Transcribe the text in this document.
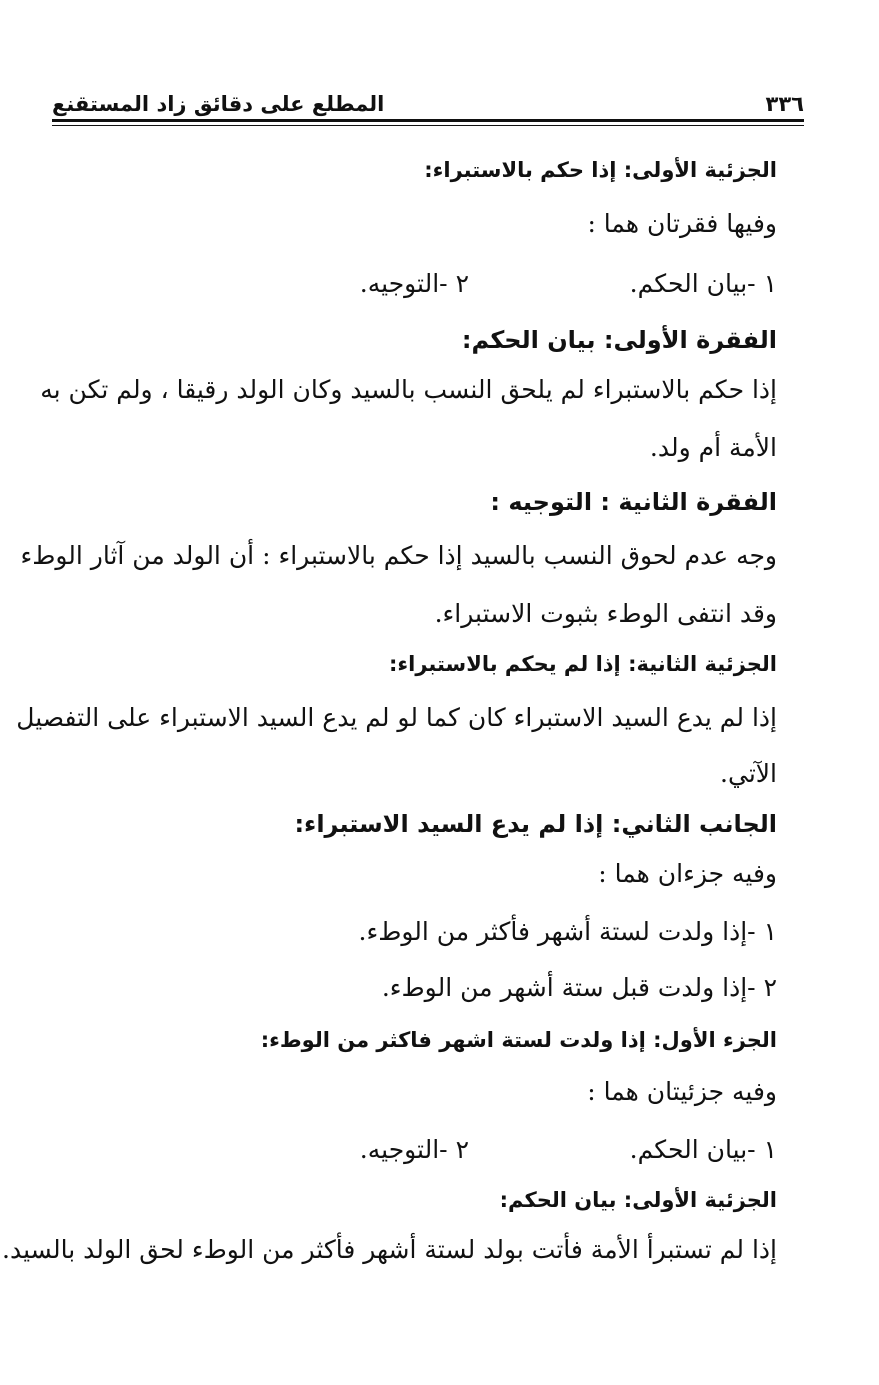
٣٣٦
المطلع على دقائق زاد المستقنع
الجزئية الأولى: إذا حكم بالاستبراء:
وفيها فقرتان هما :
١ -بيان الحكم.
٢ -التوجيه.
الفقرة الأولى: بيان الحكم:
إذا حكم بالاستبراء لم يلحق النسب بالسيد وكان الولد رقيقا ، ولم تكن به
الأمة أم ولد.
الفقرة الثانية : التوجيه :
وجه عدم لحوق النسب بالسيد إذا حكم بالاستبراء : أن الولد من آثار الوطء
وقد انتفى الوطء بثبوت الاستبراء.
الجزئية الثانية: إذا لم يحكم بالاستبراء:
إذا لم يدع السيد الاستبراء كان كما لو لم يدع السيد الاستبراء على التفصيل
الآتي.
الجانب الثاني: إذا لم يدع السيد الاستبراء:
وفيه جزءان هما :
١ -إذا ولدت لستة أشهر فأكثر من الوطء.
٢ -إذا ولدت قبل ستة أشهر من الوطء.
الجزء الأول: إذا ولدت لستة اشهر فاكثر من الوطء:
وفيه جزئيتان هما :
١ -بيان الحكم.
٢ -التوجيه.
الجزئية الأولى: بيان الحكم:
إذا لم تستبرأ الأمة فأتت بولد لستة أشهر فأكثر من الوطء لحق الولد بالسيد.
